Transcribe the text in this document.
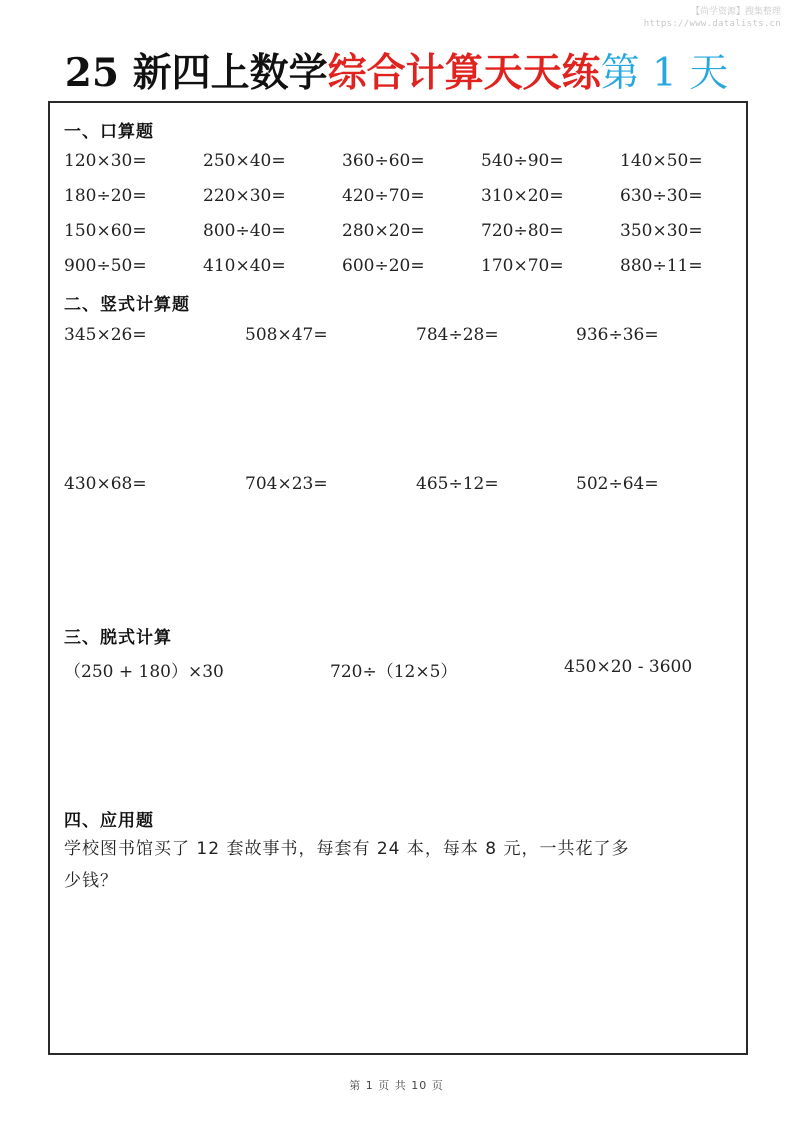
【尚学资源】搜集整理
https://www.datalists.cn
25 新四上数学综合计算天天练第 1 天
一、口算题
120×30=	250×40=	360÷60=	540÷90=	140×50=
180÷20=	220×30=	420÷70=	310×20=	630÷30=
150×60=	800÷40=	280×20=	720÷80=	350×30=
900÷50=	410×40=	600÷20=	170×70=	880÷11=
二、竖式计算题
345×26=	508×47=	784÷28=	936÷36=
430×68=	704×23=	465÷12=	502÷64=
三、脱式计算
（250 + 180）×30	720÷（12×5）	450×20 - 3600
四、应用题
学校图书馆买了 12 套故事书，每套有 24 本，每本 8 元，一共花了多
少钱？
第 1 页 共 10 页
